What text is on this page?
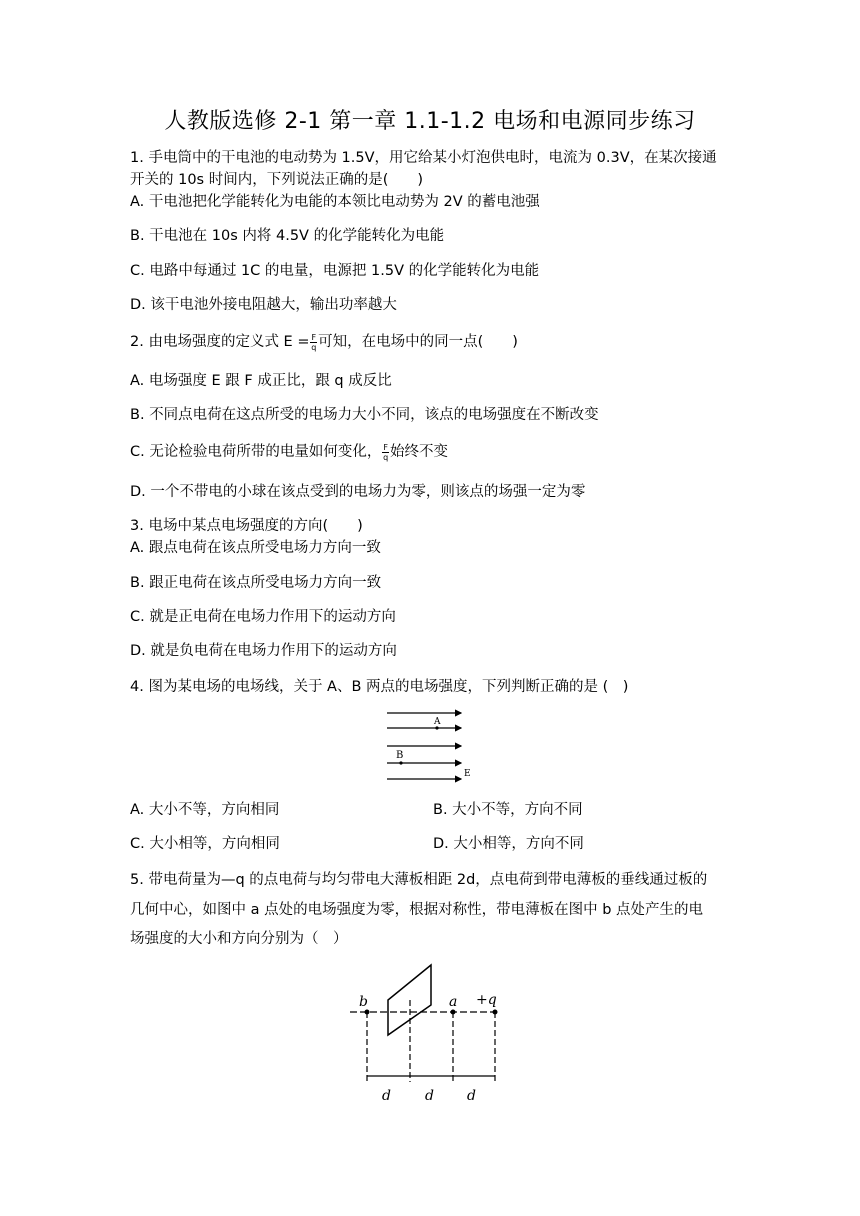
人教版选修 2-1 第一章 1.1-1.2 电场和电源同步练习
1. 手电筒中的干电池的电动势为 1.5V，用它给某小灯泡供电时，电流为 0.3V，在某次接通
开关的 10s 时间内，下列说法正确的是(　　)
A. 干电池把化学能转化为电能的本领比电动势为 2V 的蓄电池强
B. 干电池在 10s 内将 4.5V 的化学能转化为电能
C. 电路中每通过 1C 的电量，电源把 1.5V 的化学能转化为电能
D. 该干电池外接电阻越大，输出功率越大
2. 由电场强度的定义式 $E = \frac{F}{q}$ 可知，在电场中的同一点(　　)
A. 电场强度 E 跟 F 成正比，跟 q 成反比
B. 不同点电荷在这点所受的电场力大小不同，该点的电场强度在不断改变
C. 无论检验电荷所带的电量如何变化， $\frac{F}{q}$ 始终不变
D. 一个不带电的小球在该点受到的电场力为零，则该点的场强一定为零
3. 电场中某点电场强度的方向(　　)
A. 跟点电荷在该点所受电场力方向一致
B. 跟正电荷在该点所受电场力方向一致
C. 就是正电荷在电场力作用下的运动方向
D. 就是负电荷在电场力作用下的运动方向
4. 图为某电场的电场线，关于 A、B 两点的电场强度，下列判断正确的是 (　)
A
B
E
A. 大小不等，方向相同	B. 大小不等，方向不同
C. 大小相等，方向相同	D. 大小相等，方向不同
5. 带电荷量为—q 的点电荷与均匀带电大薄板相距 2d，点电荷到带电薄板的垂线通过板的
几何中心，如图中 a 点处的电场强度为零，根据对称性，带电薄板在图中 b 点处产生的电
场强度的大小和方向分别为（　）
b	a +q
d d d
